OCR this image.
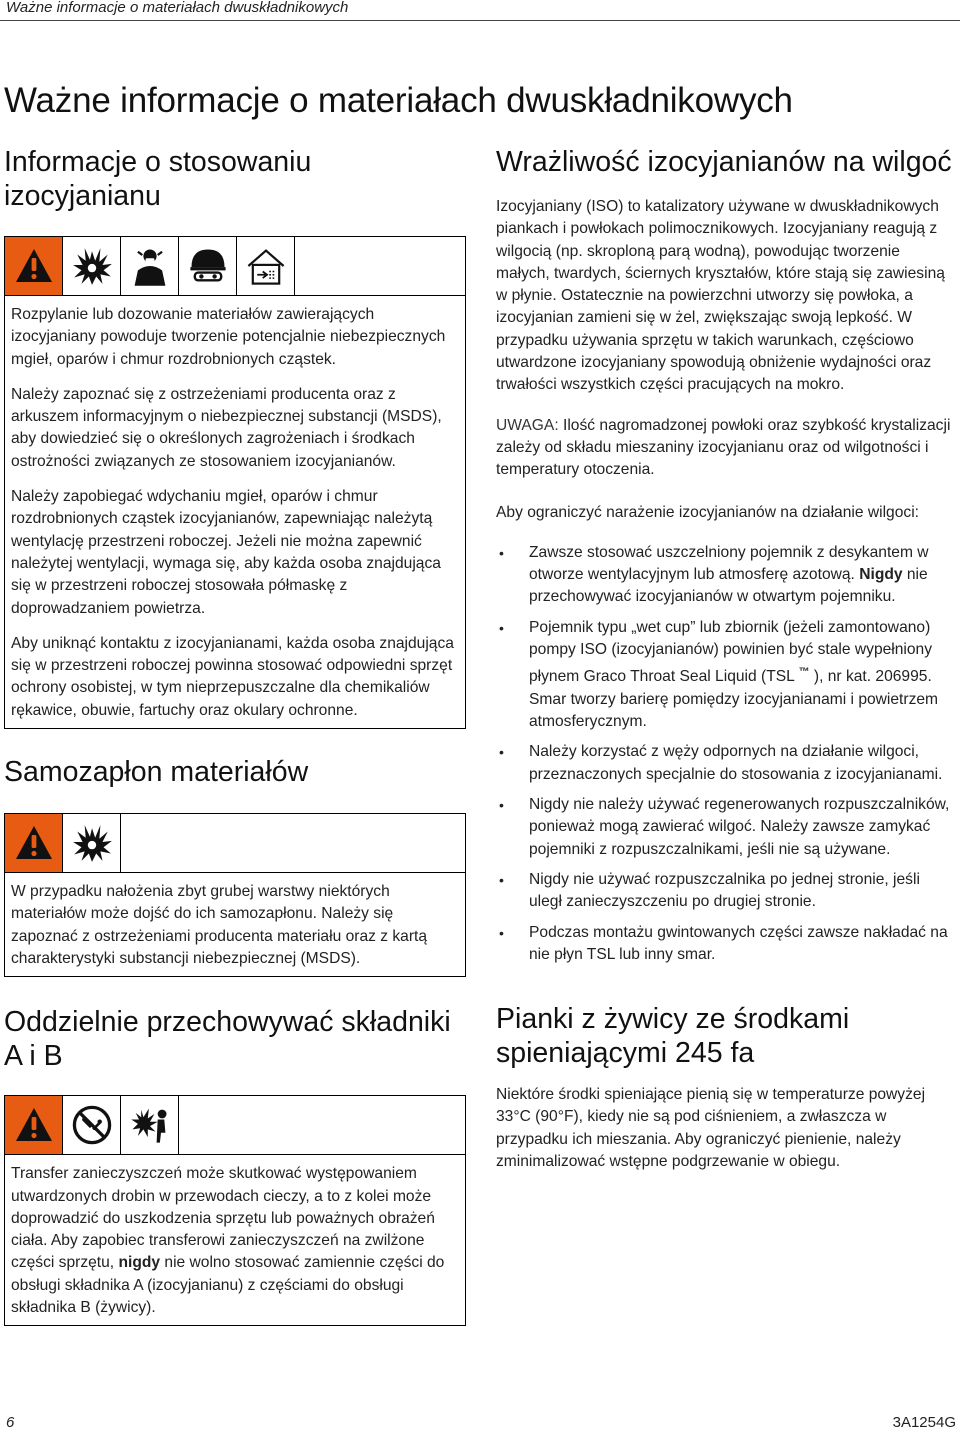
Ważne informacje o materiałach dwuskładnikowych
Ważne informacje o materiałach dwuskładnikowych
Informacje o stosowaniu izocyjanianu

Rozpylanie lub dozowanie materiałów zawierających izocyjaniany powoduje tworzenie potencjalnie niebezpiecznych mgieł, oparów i chmur rozdrobnionych cząstek.

Należy zapoznać się z ostrzeżeniami producenta oraz z arkuszem informacyjnym o niebezpiecznej substancji (MSDS), aby dowiedzieć się o określonych zagrożeniach i środkach ostrożności związanych ze stosowaniem izocyjanianów.

Należy zapobiegać wdychaniu mgieł, oparów i chmur rozdrobnionych cząstek izocyjanianów, zapewniając należytą wentylację przestrzeni roboczej. Jeżeli nie można zapewnić należytej wentylacji, wymaga się, aby każda osoba znajdująca się w przestrzeni roboczej stosowała półmaskę z doprowadzaniem powietrza.

Aby uniknąć kontaktu z izocyjanianami, każda osoba znajdująca się w przestrzeni roboczej powinna stosować odpowiedni sprzęt ochrony osobistej, w tym nieprzepuszczalne dla chemikaliów rękawice, obuwie, fartuchy oraz okulary ochronne.

Samozapłon materiałów

W przypadku nałożenia zbyt grubej warstwy niektórych materiałów może dojść do ich samozapłonu. Należy się zapoznać z ostrzeżeniami producenta materiału oraz z kartą charakterystyki substancji niebezpiecznej (MSDS).

Oddzielnie przechowywać składniki A i B

Transfer zanieczyszczeń może skutkować występowaniem utwardzonych drobin w przewodach cieczy, a to z kolei może doprowadzić do uszkodzenia sprzętu lub poważnych obrażeń ciała. Aby zapobiec transferowi zanieczyszczeń na zwilżone części sprzętu, nigdy nie wolno stosować zamiennie części do obsługi składnika A (izocyjanianu) z częściami do obsługi składnika B (żywicy).

Wrażliwość izocyjanianów na wilgoć

Izocyjaniany (ISO) to katalizatory używane w dwuskładnikowych piankach i powłokach polimocznikowych. Izocyjaniany reagują z wilgocią (np. skroploną parą wodną), powodując tworzenie małych, twardych, ściernych kryształów, które stają się zawiesiną w płynie. Ostatecznie na powierzchni utworzy się powłoka, a izocyjanian zamieni się w żel, zwiększając swoją lepkość. W przypadku używania sprzętu w takich warunkach, częściowo utwardzone izocyjaniany spowodują obniżenie wydajności oraz trwałości wszystkich części pracujących na mokro.

UWAGA: Ilość nagromadzonej powłoki oraz szybkość krystalizacji zależy od składu mieszaniny izocyjanianu oraz od wilgotności i temperatury otoczenia.

Aby ograniczyć narażenie izocyjanianów na działanie wilgoci:

• Zawsze stosować uszczelniony pojemnik z desykantem w otworze wentylacyjnym lub atmosferę azotową. Nigdy nie przechowywać izocyjanianów w otwartym pojemniku.
• Pojemnik typu „wet cup” lub zbiornik (jeżeli zamontowano) pompy ISO (izocyjanianów) powinien być stale wypełniony płynem Graco Throat Seal Liquid (TSL ™ ), nr kat. 206995. Smar tworzy barierę pomiędzy izocyjanianami i powietrzem atmosferycznym.
• Należy korzystać z węży odpornych na działanie wilgoci, przeznaczonych specjalnie do stosowania z izocyjanianami.
• Nigdy nie należy używać regenerowanych rozpuszczalników, ponieważ mogą zawierać wilgoć. Należy zawsze zamykać pojemniki z rozpuszczalnikami, jeśli nie są używane.
• Nigdy nie używać rozpuszczalnika po jednej stronie, jeśli uległ zanieczyszczeniu po drugiej stronie.
• Podczas montażu gwintowanych części zawsze nakładać na nie płyn TSL lub inny smar.
Pianki z żywicy ze środkami spieniającymi 245 fa

Niektóre środki spieniające pienią się w temperaturze powyżej 33°C (90°F), kiedy nie są pod ciśnieniem, a zwłaszcza w przypadku ich mieszania. Aby ograniczyć pienienie, należy zminimalizować wstępne podgrzewanie w obiegu.

6	3A1254G
